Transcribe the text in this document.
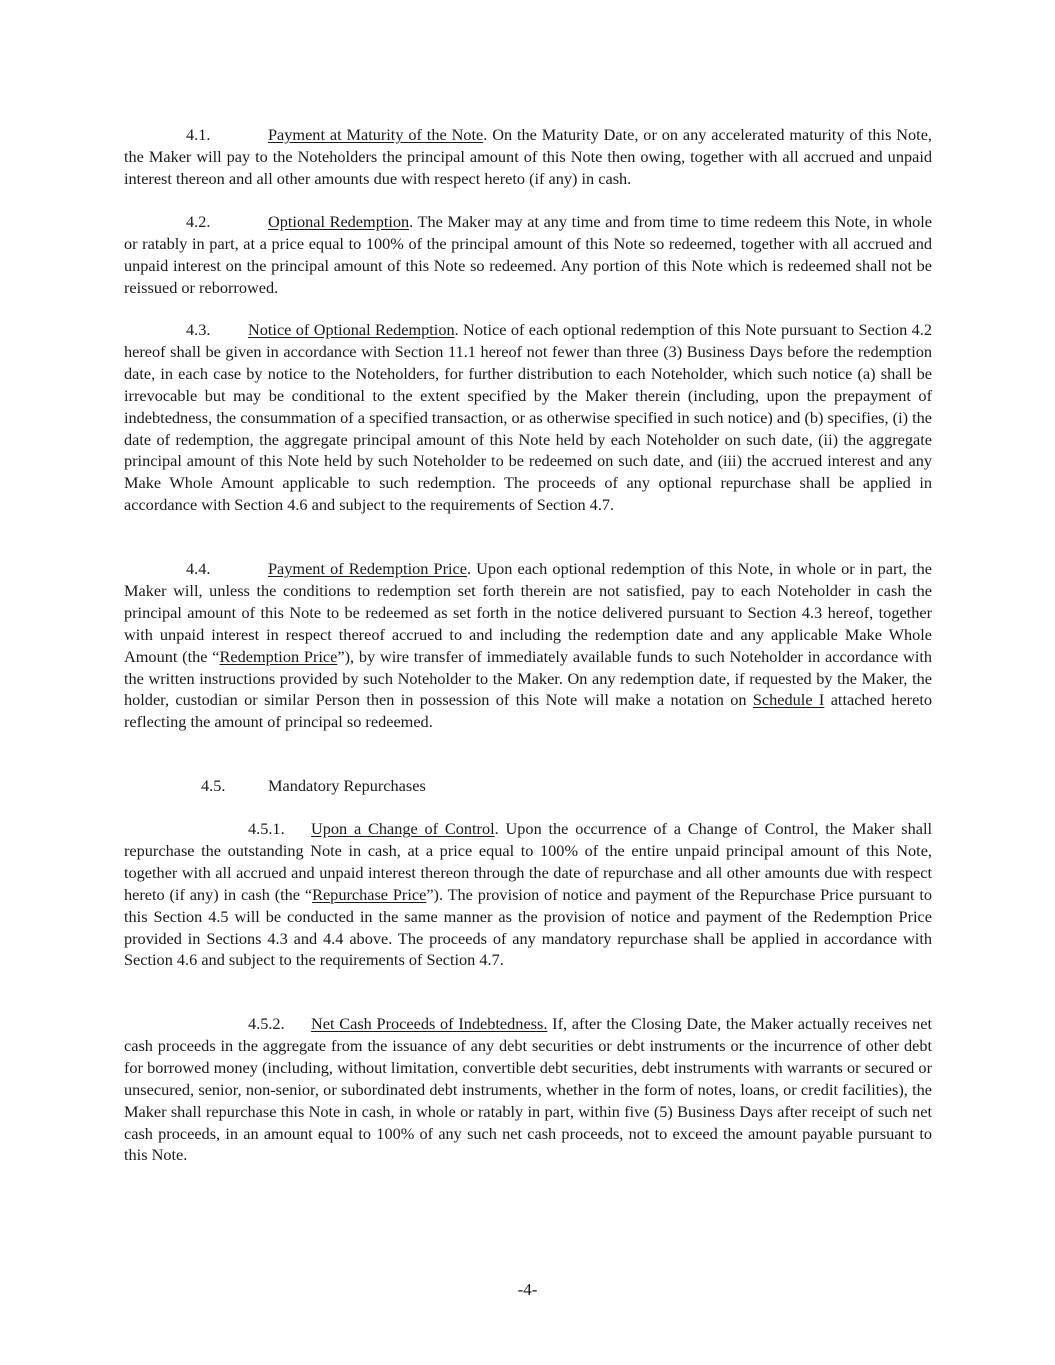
4.1.	Payment at Maturity of the Note. On the Maturity Date, or on any accelerated maturity of this Note, the Maker will pay to the Noteholders the principal amount of this Note then owing, together with all accrued and unpaid interest thereon and all other amounts due with respect hereto (if any) in cash.

4.2.	Optional Redemption. The Maker may at any time and from time to time redeem this Note, in whole or ratably in part, at a price equal to 100% of the principal amount of this Note so redeemed, together with all accrued and unpaid interest on the principal amount of this Note so redeemed. Any portion of this Note which is redeemed shall not be reissued or reborrowed.

4.3. Notice of Optional Redemption. Notice of each optional redemption of this Note pursuant to Section 4.2 hereof shall be given in accordance with Section 11.1 hereof not fewer than three (3) Business Days before the redemption date, in each case by notice to the Noteholders, for further distribution to each Noteholder, which such notice (a) shall be irrevocable but may be conditional to the extent specified by the Maker therein (including, upon the prepayment of indebtedness, the consummation of a specified transaction, or as otherwise specified in such notice) and (b) specifies, (i) the date of redemption, the aggregate principal amount of this Note held by each Noteholder on such date, (ii) the aggregate principal amount of this Note held by such Noteholder to be redeemed on such date, and (iii) the accrued interest and any Make Whole Amount applicable to such redemption. The proceeds of any optional repurchase shall be applied in accordance with Section 4.6 and subject to the requirements of Section 4.7.

4.4.	Payment of Redemption Price. Upon each optional redemption of this Note, in whole or in part, the Maker will, unless the conditions to redemption set forth therein are not satisfied, pay to each Noteholder in cash the principal amount of this Note to be redeemed as set forth in the notice delivered pursuant to Section 4.3 hereof, together with unpaid interest in respect thereof accrued to and including the redemption date and any applicable Make Whole Amount (the “Redemption Price”), by wire transfer of immediately available funds to such Noteholder in accordance with the written instructions provided by such Noteholder to the Maker. On any redemption date, if requested by the Maker, the holder, custodian or similar Person then in possession of this Note will make a notation on Schedule I attached hereto reflecting the amount of principal so redeemed.

4.5.	Mandatory Repurchases

4.5.1. Upon a Change of Control. Upon the occurrence of a Change of Control, the Maker shall repurchase the outstanding Note in cash, at a price equal to 100% of the entire unpaid principal amount of this Note, together with all accrued and unpaid interest thereon through the date of repurchase and all other amounts due with respect hereto (if any) in cash (the “Repurchase Price”). The provision of notice and payment of the Repurchase Price pursuant to this Section 4.5 will be conducted in the same manner as the provision of notice and payment of the Redemption Price provided in Sections 4.3 and 4.4 above. The proceeds of any mandatory repurchase shall be applied in accordance with Section 4.6 and subject to the requirements of Section 4.7.

4.5.2. Net Cash Proceeds of Indebtedness. If, after the Closing Date, the Maker actually receives net cash proceeds in the aggregate from the issuance of any debt securities or debt instruments or the incurrence of other debt for borrowed money (including, without limitation, convertible debt securities, debt instruments with warrants or secured or unsecured, senior, non-senior, or subordinated debt instruments, whether in the form of notes, loans, or credit facilities), the Maker shall repurchase this Note in cash, in whole or ratably in part, within five (5) Business Days after receipt of such net cash proceeds, in an amount equal to 100% of any such net cash proceeds, not to exceed the amount payable pursuant to this Note.

-4-
